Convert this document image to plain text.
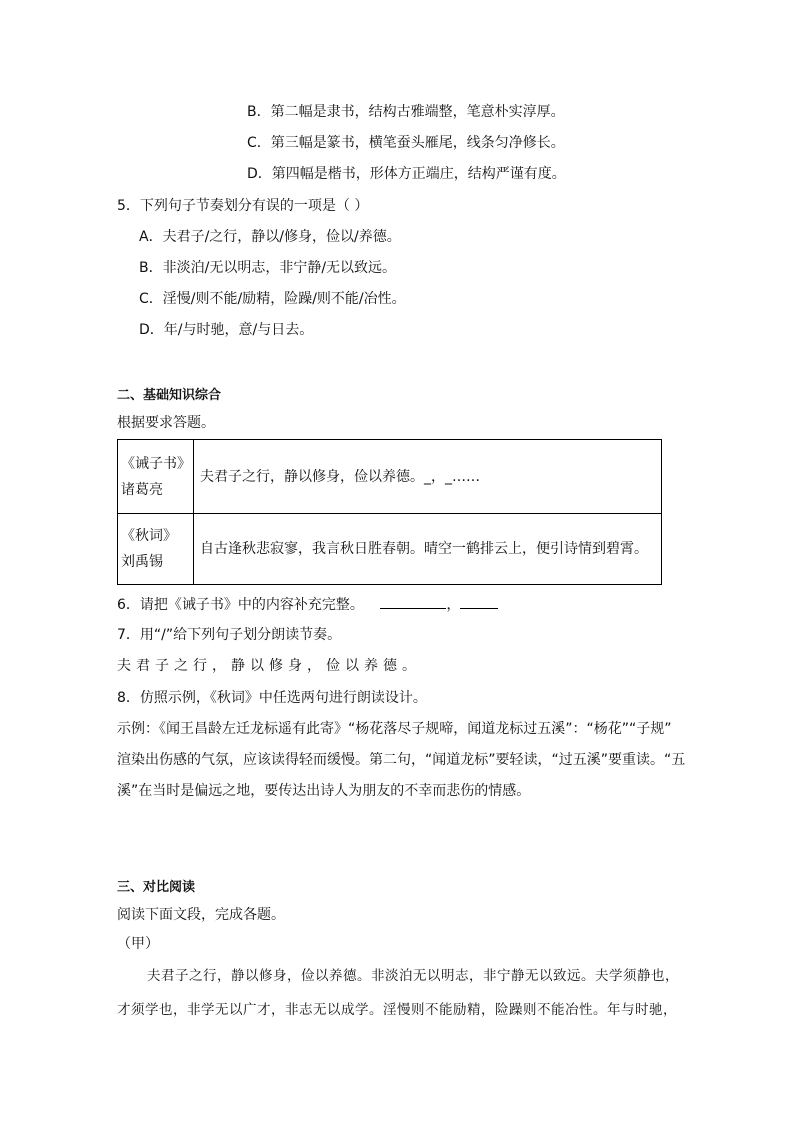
B．第二幅是隶书，结构古雅端整，笔意朴实淳厚。
C．第三幅是篆书，横笔蚕头雁尾，线条匀净修长。
D．第四幅是楷书，形体方正端庄，结构严谨有度。
5．下列句子节奏划分有误的一项是（ ）
A．夫君子/之行，静以/修身，俭以/养德。
B．非淡泊/无以明志，非宁静/无以致远。
C．淫慢/则不能/励精，险躁/则不能/冶性。
D．年/与时驰，意/与日去。
二、基础知识综合
根据要求答题。
《诫子书》
诸葛亮	夫君子之行，静以修身，俭以养德。_，_……

《秋词》
刘禹锡	自古逢秋悲寂寥，我言秋日胜春朝。晴空一鹤排云上，便引诗情到碧霄。
6．请把《诫子书》中的内容补充完整。	，
7．用“/”给下列句子划分朗读节奏。
夫君子之行，静以修身，俭以养德。
8．仿照示例，《秋词》中任选两句进行朗读设计。
示例：《闻王昌龄左迁龙标遥有此寄》“杨花落尽子规啼，闻道龙标过五溪”：“杨花”“子规”
渲染出伤感的气氛，应该读得轻而缓慢。第二句，“闻道龙标”要轻读，“过五溪”要重读。“五
溪”在当时是偏远之地，要传达出诗人为朋友的不幸而悲伤的情感。
三、对比阅读
阅读下面文段，完成各题。
（甲）
夫君子之行，静以修身，俭以养德。非淡泊无以明志，非宁静无以致远。夫学须静也，
才须学也，非学无以广才，非志无以成学。淫慢则不能励精，险躁则不能冶性。年与时驰，
